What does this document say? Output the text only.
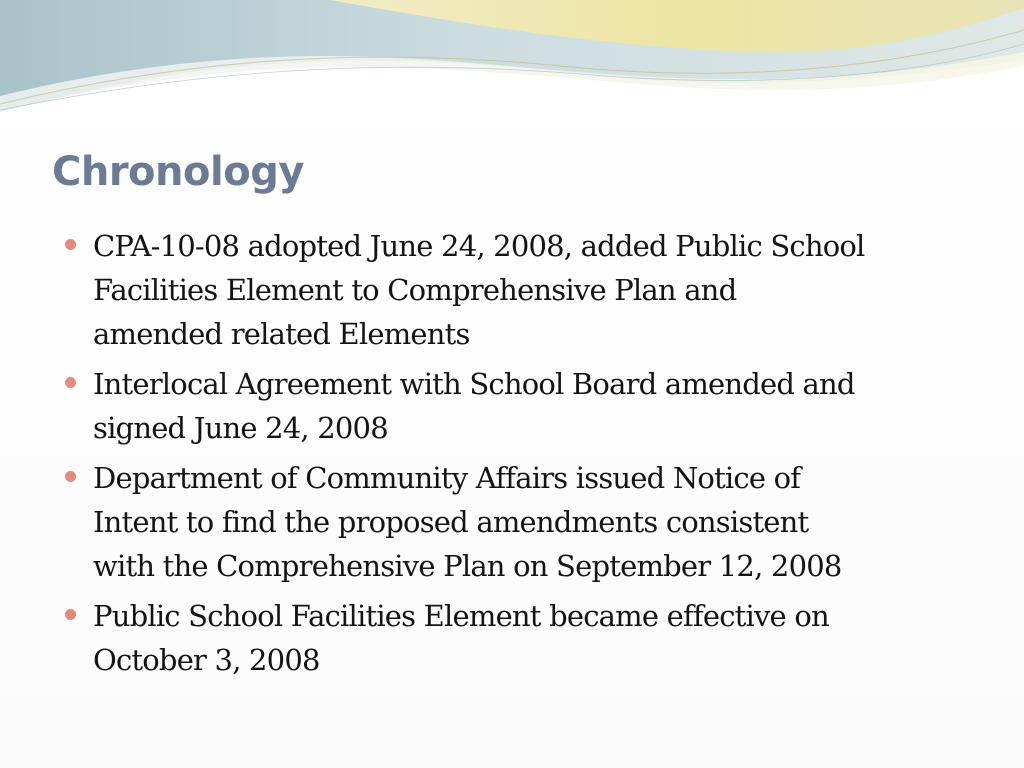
Chronology
CPA-10-08 adopted June 24, 2008, added Public School
Facilities Element to Comprehensive Plan and
amended related Elements
Interlocal Agreement with School Board amended and
signed June 24, 2008
Department of Community Affairs issued Notice of
Intent to find the proposed amendments consistent
with the Comprehensive Plan on September 12, 2008
Public School Facilities Element became effective on
October 3, 2008
